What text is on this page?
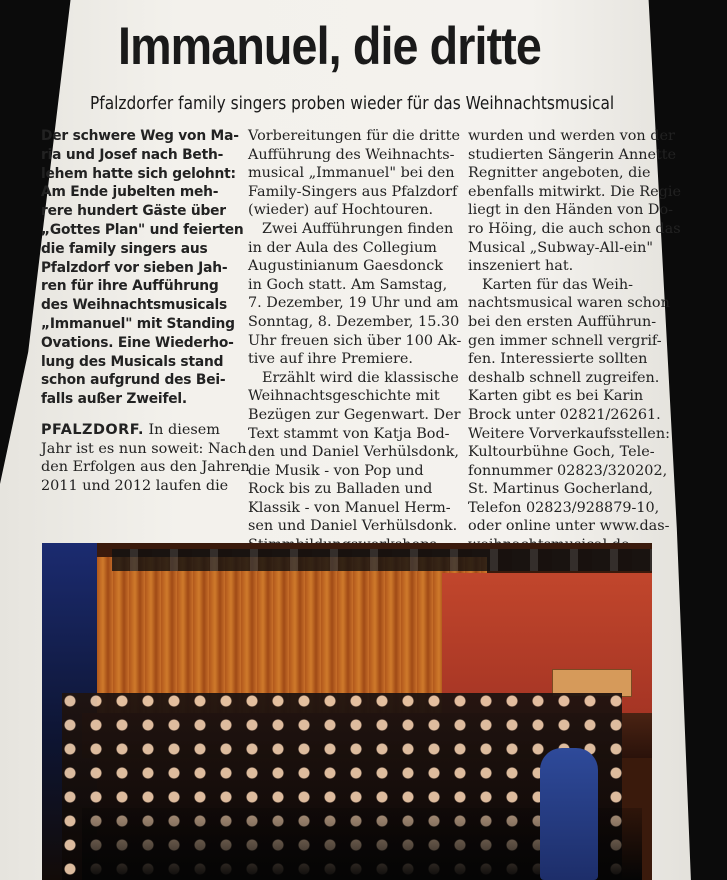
Immanuel, die dritte
Pfalzdorfer family singers proben wieder für das Weihnachtsmusical
Der schwere Weg von Ma-
ria und Josef nach Beth-
lehem hatte sich gelohnt:
Am Ende jubelten meh-
rere hundert Gäste über
„Gottes Plan" und feierten
die family singers aus
Pfalzdorf vor sieben Jah-
ren für ihre Aufführung
des Weihnachtsmusicals
„Immanuel" mit Standing
Ovations. Eine Wiederho-
lung des Musicals stand
schon aufgrund des Bei-
falls außer Zweifel.

PFALZDORF. In diesem

Jahr ist es nun soweit: Nach
den Erfolgen aus den Jahren
2011 und 2012 laufen die
Vorbereitungen für die dritte
Aufführung des Weihnachts-
musical „Immanuel" bei den
Family-Singers aus Pfalzdorf
(wieder) auf Hochtouren.
Zwei Aufführungen finden
in der Aula des Collegium
Augustinianum Gaesdonck
in Goch statt. Am Samstag,
7. Dezember, 19 Uhr und am
Sonntag, 8. Dezember, 15.30
Uhr freuen sich über 100 Ak-
tive auf ihre Premiere.
Erzählt wird die klassische
Weihnachtsgeschichte mit
Bezügen zur Gegenwart. Der
Text stammt von Katja Bod-
den und Daniel Verhülsdonk,
die Musik - von Pop und
Rock bis zu Balladen und
Klassik - von Manuel Herm-
sen und Daniel Verhülsdonk.
wurden und werden von der
studierten Sängerin Annette
Regnitter angeboten, die
ebenfalls mitwirkt. Die Regie
liegt in den Händen von Do-
ro Höing, die auch schon das
Musical „Subway-All-ein"
inszeniert hat.
Karten für das Weih-
nachtsmusical waren schon
bei den ersten Aufführun-
gen immer schnell vergrif-
fen. Interessierte sollten
deshalb schnell zugreifen.
Karten gibt es bei Karin
Brock unter 02821/26261.
Weitere Vorverkaufsstellen:
Kultourbühne Goch, Tele-
fonnummer 02823/320202,
St. Martinus Gocherland,
Telefon 02823/928879-10,
oder online unter www.das-
